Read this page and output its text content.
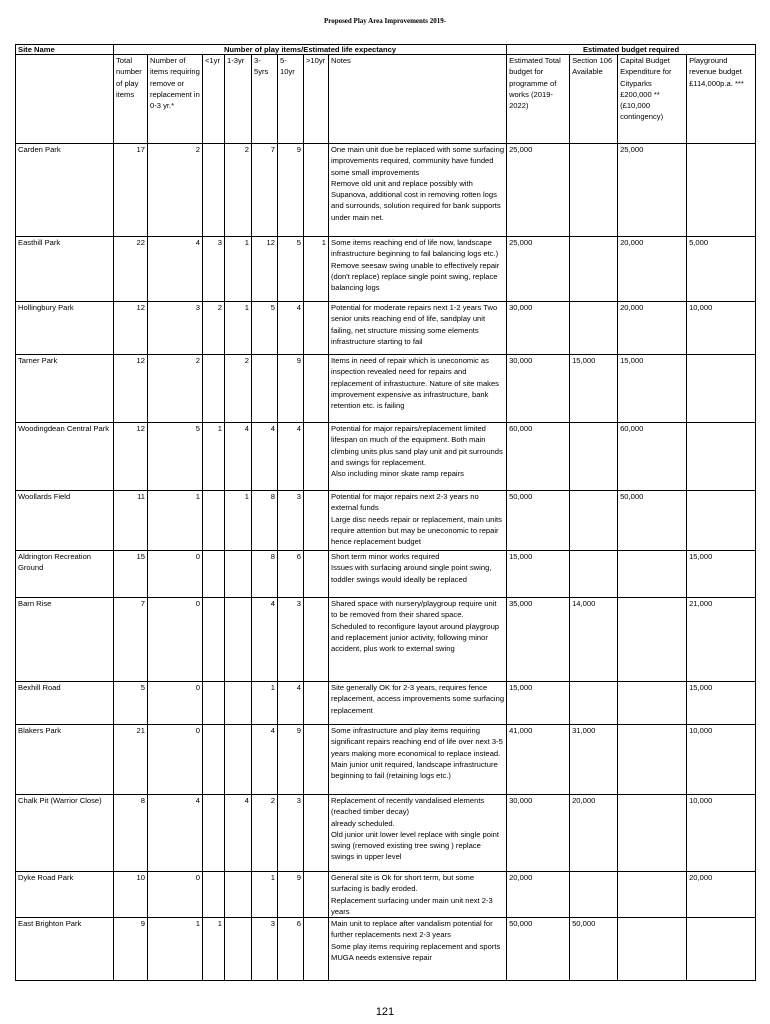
Proposed Play Area Improvements 2019-
Site Name	Number of play items/Estimated life expectancy								Estimated budget required			
	Total number of play items	Number of items requiring remove or replacement in 0-3 yr.*	<1yr	1-3yr	3-5yrs	5-10yr	>10yr	Notes	Estimated Total budget for programme of works (2019-2022)	Section 106 Available	Capital Budget Expenditure for Cityparks £200,000 **(£10,000 contingency)	Playground revenue budget £114,000p.a. ***
Carden Park	17	2		2	7	9		One main unit due be replaced with some surfacing improvements required, community have funded some small improvements
Remove old unit and replace possibly with Supanova, additional cost in removing rotten logs and surrounds, solution required for bank supports under main net.	25,000		25,000	
Easthill Park	22	4	3	1	12	5	1	Some items reaching end of life now, landscape infrastructure beginning to fail balancing logs etc.) Remove seesaw swing unable to effectively repair (don't replace) replace single point swing, replace balancing logs	25,000		20,000	5,000
Hollingbury Park	12	3	2	1	5	4		Potential for moderate repairs next 1-2 years Two senior units reaching end of life, sandplay unit failing, net structure missing some elements infrastructure starting to fail	30,000		20,000	10,000
Tarner Park	12	2		2		9		Items in need of repair which is uneconomic as inspection revealed need for repairs and replacement of infrastucture. Nature of site makes improvement expensive as infrastructure, bank retention etc. is failing	30,000	15,000	15,000	
Woodingdean Central Park	12	5	1	4	4	4		Potential for major repairs/replacement limited lifespan on much of the equipment. Both main climbing units plus sand play unit and pit surrounds and swings for replacement.
Also including minor skate ramp repairs	60,000		60,000	
Woollards Field	11	1		1	8	3		Potential for major repairs next 2-3 years no external funds
Large disc needs repair or replacement, main units require attention but may be uneconomic to repair
hence replacement budget	50,000		50,000	
Aldrington Recreation Ground	15	0			8	6		Short term minor works required
Issues with surfacing around single point swing, toddler swings would ideally be replaced	15,000			15,000
Barn Rise	7	0			4	3		Shared space with nursery/playgroup require unit to be removed from their shared space.
Scheduled to reconfigure layout around playgroup and replacement junior activity, following minor accident, plus work to external swing	35,000	14,000		21,000
Bexhill Road	5	0			1	4		Site generally OK for 2-3 years, requires fence
replacement, access improvements some surfacing replacement	15,000			15,000
Blakers Park	21	0			4	9		Some infrastructure and play items requiring significant repairs reaching end of life over next 3-5 years making more economical to replace instead. Main junior unit required, landscape infrastructure beginning to fail (retaining logs etc.)	41,000	31,000		10,000
Chalk Pit (Warrior Close)	8	4		4	2	3		Replacement of recently vandalised elements (reached timber decay)
already scheduled.
Old junior unit lower level replace with single point
swing (removed existing tree swing ) replace swings in upper level	30,000	20,000		10,000
Dyke Road Park	10	0			1	9		General site is Ok for short term, but some surfacing is badly eroded.
Replacement surfacing under main unit next 2-3 years	20,000			20,000
East Brighton Park	9	1	1		3	6		Main unit to replace after vandalism potential for further replacements next 2-3 years
Some play items requiring replacement and sports
MUGA needs extensive repair	50,000	50,000		
121
